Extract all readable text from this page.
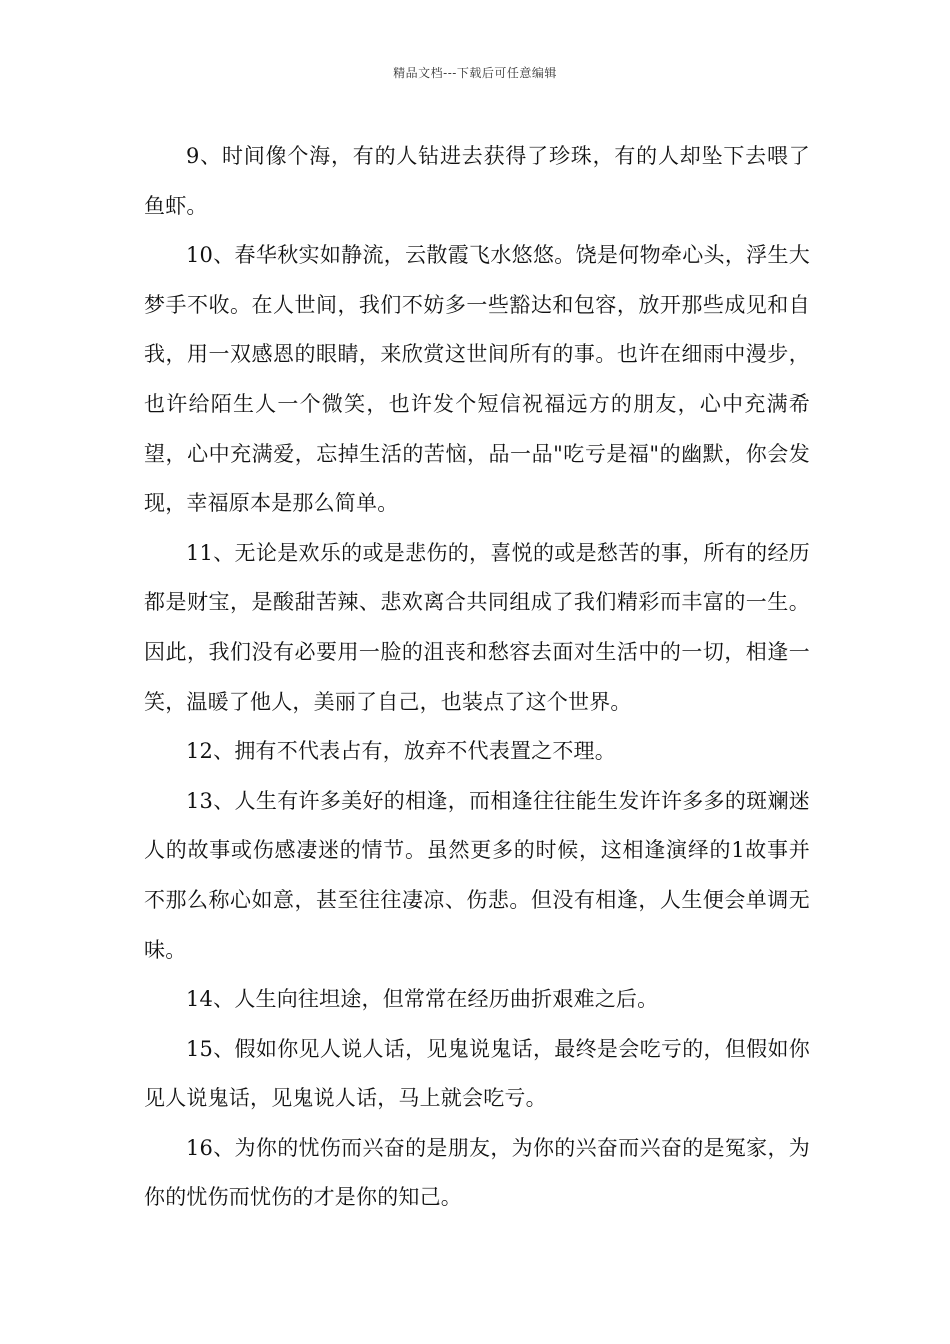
精品文档---下载后可任意编辑

9、时间像个海，有的人钻进去获得了珍珠，有的人却坠下去喂了鱼虾。

10、春华秋实如静流，云散霞飞水悠悠。饶是何物牵心头，浮生大梦手不收。在人世间，我们不妨多一些豁达和包容，放开那些成见和自我，用一双感恩的眼睛，来欣赏这世间所有的事。也许在细雨中漫步，也许给陌生人一个微笑，也许发个短信祝福远方的朋友，心中充满希望，心中充满爱，忘掉生活的苦恼，品一品"吃亏是福"的幽默，你会发现，幸福原本是那么简单。

11、无论是欢乐的或是悲伤的，喜悦的或是愁苦的事，所有的经历都是财宝，是酸甜苦辣、悲欢离合共同组成了我们精彩而丰富的一生。因此，我们没有必要用一脸的沮丧和愁容去面对生活中的一切，相逢一笑，温暖了他人，美丽了自己，也装点了这个世界。

12、拥有不代表占有，放弃不代表置之不理。

13、人生有许多美好的相逢，而相逢往往能生发许许多多的斑斓迷人的故事或伤感凄迷的情节。虽然更多的时候，这相逢演绎的1故事并不那么称心如意，甚至往往凄凉、伤悲。但没有相逢，人生便会单调无味。

14、人生向往坦途，但常常在经历曲折艰难之后。

15、假如你见人说人话，见鬼说鬼话，最终是会吃亏的，但假如你见人说鬼话，见鬼说人话，马上就会吃亏。

16、为你的忧伤而兴奋的是朋友，为你的兴奋而兴奋的是冤家，为你的忧伤而忧伤的才是你的知己。
